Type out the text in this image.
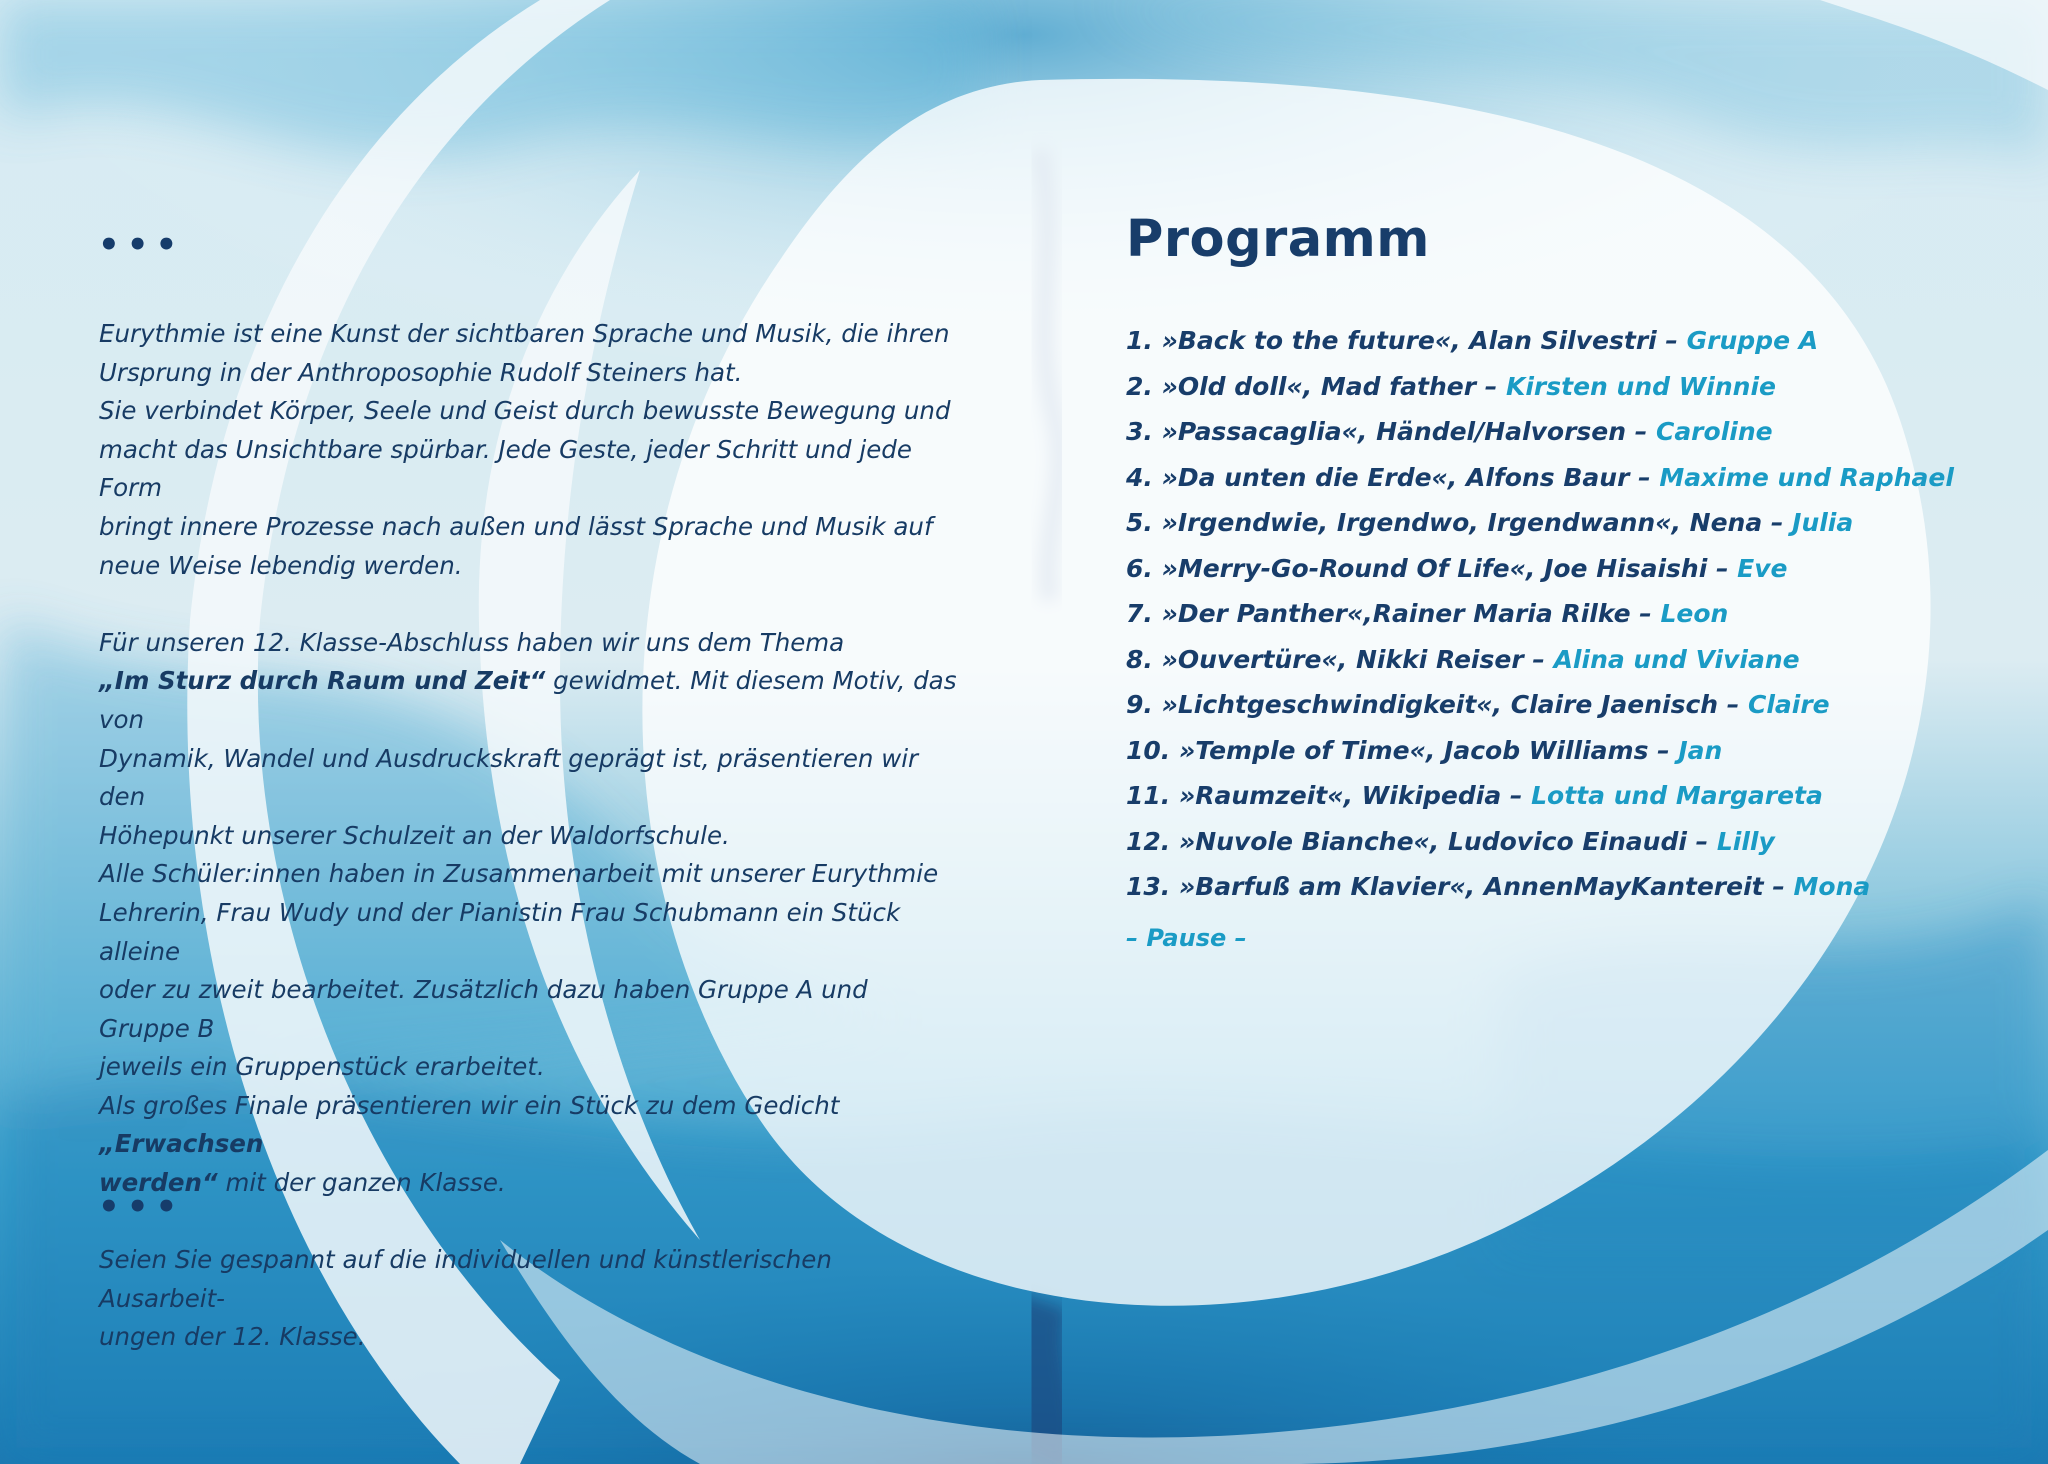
•••
Eurythmie ist eine Kunst der sichtbaren Sprache und Musik, die ihren
Ursprung in der Anthroposophie Rudolf Steiners hat.
Sie verbindet Körper, Seele und Geist durch bewusste Bewegung und
macht das Unsichtbare spürbar. Jede Geste, jeder Schritt und jede Form
bringt innere Prozesse nach außen und lässt Sprache und Musik auf
neue Weise lebendig werden.
Für unseren 12. Klasse-Abschluss haben wir uns dem Thema
„Im Sturz durch Raum und Zeit“ gewidmet. Mit diesem Motiv, das von
Dynamik, Wandel und Ausdruckskraft geprägt ist, präsentieren wir den
Höhepunkt unserer Schulzeit an der Waldorfschule.
Alle Schüler:innen haben in Zusammenarbeit mit unserer Eurythmie
Lehrerin, Frau Wudy und der Pianistin Frau Schubmann ein Stück alleine
oder zu zweit bearbeitet. Zusätzlich dazu haben Gruppe A und Gruppe B
jeweils ein Gruppenstück erarbeitet.
Als großes Finale präsentieren wir ein Stück zu dem Gedicht „Erwachsen
werden“ mit der ganzen Klasse.
Seien Sie gespannt auf die individuellen und künstlerischen Ausarbeit-
ungen der 12. Klasse.
•••
Programm
1. »Back to the future«, Alan Silvestri – Gruppe A
2. »Old doll«, Mad father – Kirsten und Winnie
3. »Passacaglia«, Händel/Halvorsen – Caroline
4. »Da unten die Erde«, Alfons Baur – Maxime und Raphael
5. »Irgendwie, Irgendwo, Irgendwann«, Nena – Julia
6. »Merry-Go-Round Of Life«, Joe Hisaishi – Eve
7. »Der Panther«,Rainer Maria Rilke – Leon
8. »Ouvertüre«, Nikki Reiser – Alina und Viviane
9. »Lichtgeschwindigkeit«, Claire Jaenisch – Claire
10. »Temple of Time«, Jacob Williams – Jan
11. »Raumzeit«, Wikipedia – Lotta und Margareta
12. »Nuvole Bianche«, Ludovico Einaudi – Lilly
13. »Barfuß am Klavier«, AnnenMayKantereit – Mona
– Pause –
